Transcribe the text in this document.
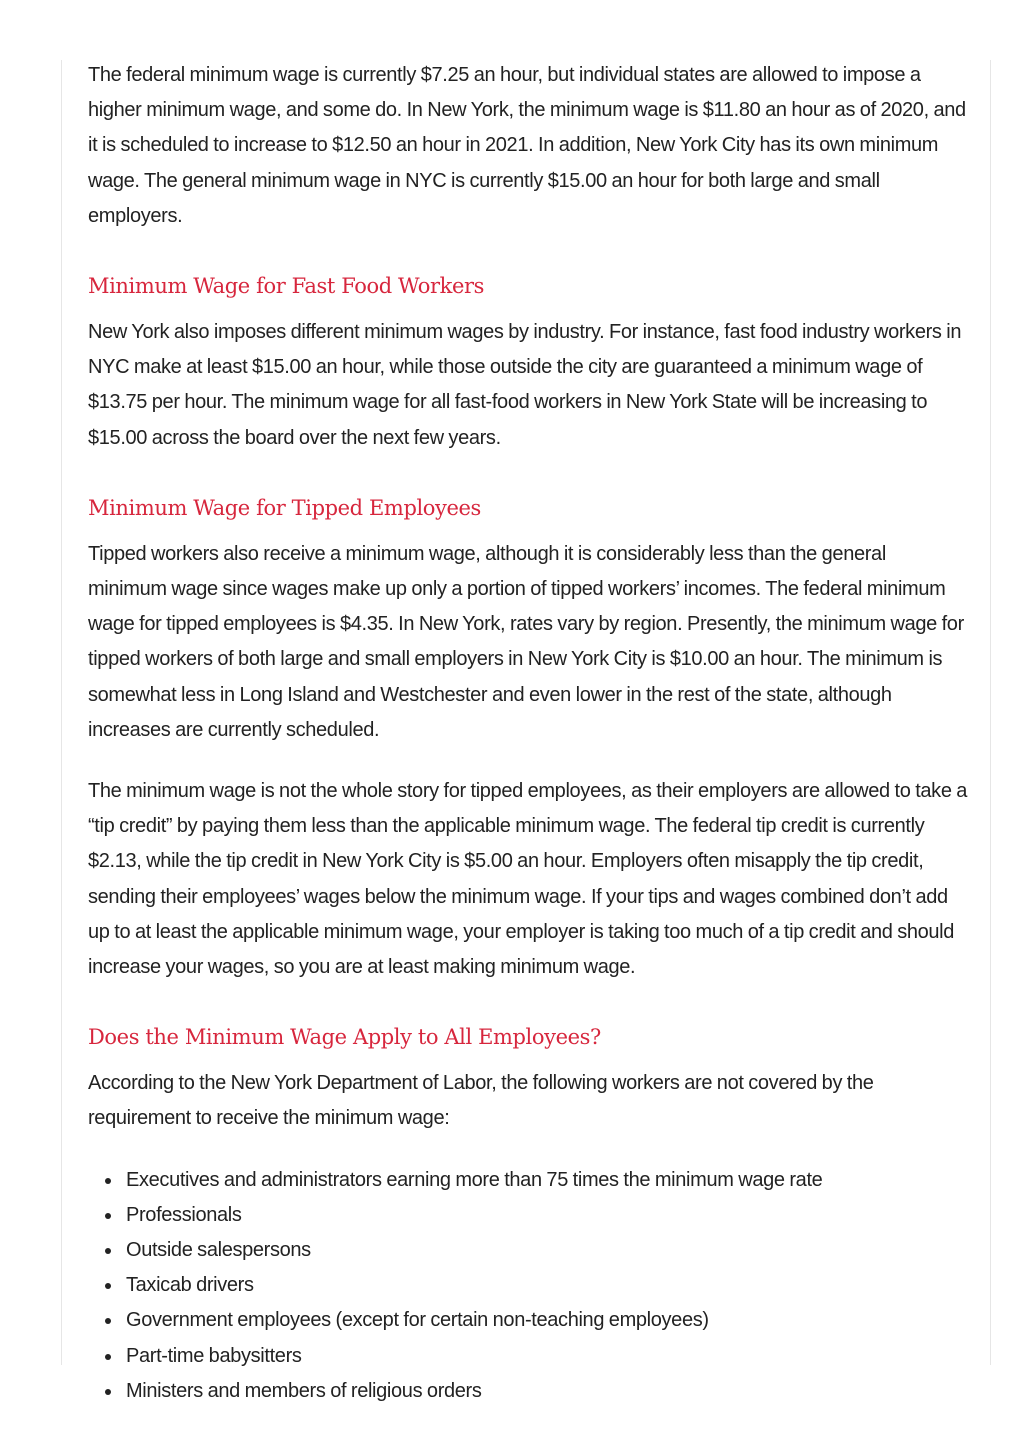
The federal minimum wage is currently $7.25 an hour, but individual states are allowed to impose a higher minimum wage, and some do. In New York, the minimum wage is $11.80 an hour as of 2020, and it is scheduled to increase to $12.50 an hour in 2021. In addition, New York City has its own minimum wage. The general minimum wage in NYC is currently $15.00 an hour for both large and small employers.

Minimum Wage for Fast Food Workers

New York also imposes different minimum wages by industry. For instance, fast food industry workers in NYC make at least $15.00 an hour, while those outside the city are guaranteed a minimum wage of $13.75 per hour. The minimum wage for all fast-food workers in New York State will be increasing to $15.00 across the board over the next few years.

Minimum Wage for Tipped Employees

Tipped workers also receive a minimum wage, although it is considerably less than the general minimum wage since wages make up only a portion of tipped workers’ incomes. The federal minimum wage for tipped employees is $4.35. In New York, rates vary by region. Presently, the minimum wage for tipped workers of both large and small employers in New York City is $10.00 an hour. The minimum is somewhat less in Long Island and Westchester and even lower in the rest of the state, although increases are currently scheduled.

The minimum wage is not the whole story for tipped employees, as their employers are allowed to take a “tip credit” by paying them less than the applicable minimum wage. The federal tip credit is currently $2.13, while the tip credit in New York City is $5.00 an hour. Employers often misapply the tip credit, sending their employees’ wages below the minimum wage. If your tips and wages combined don’t add up to at least the applicable minimum wage, your employer is taking too much of a tip credit and should increase your wages, so you are at least making minimum wage.

Does the Minimum Wage Apply to All Employees?

According to the New York Department of Labor, the following workers are not covered by the requirement to receive the minimum wage:

Executives and administrators earning more than 75 times the minimum wage rate
Professionals
Outside salespersons
Taxicab drivers
Government employees (except for certain non-teaching employees)
Part-time babysitters
Ministers and members of religious orders
